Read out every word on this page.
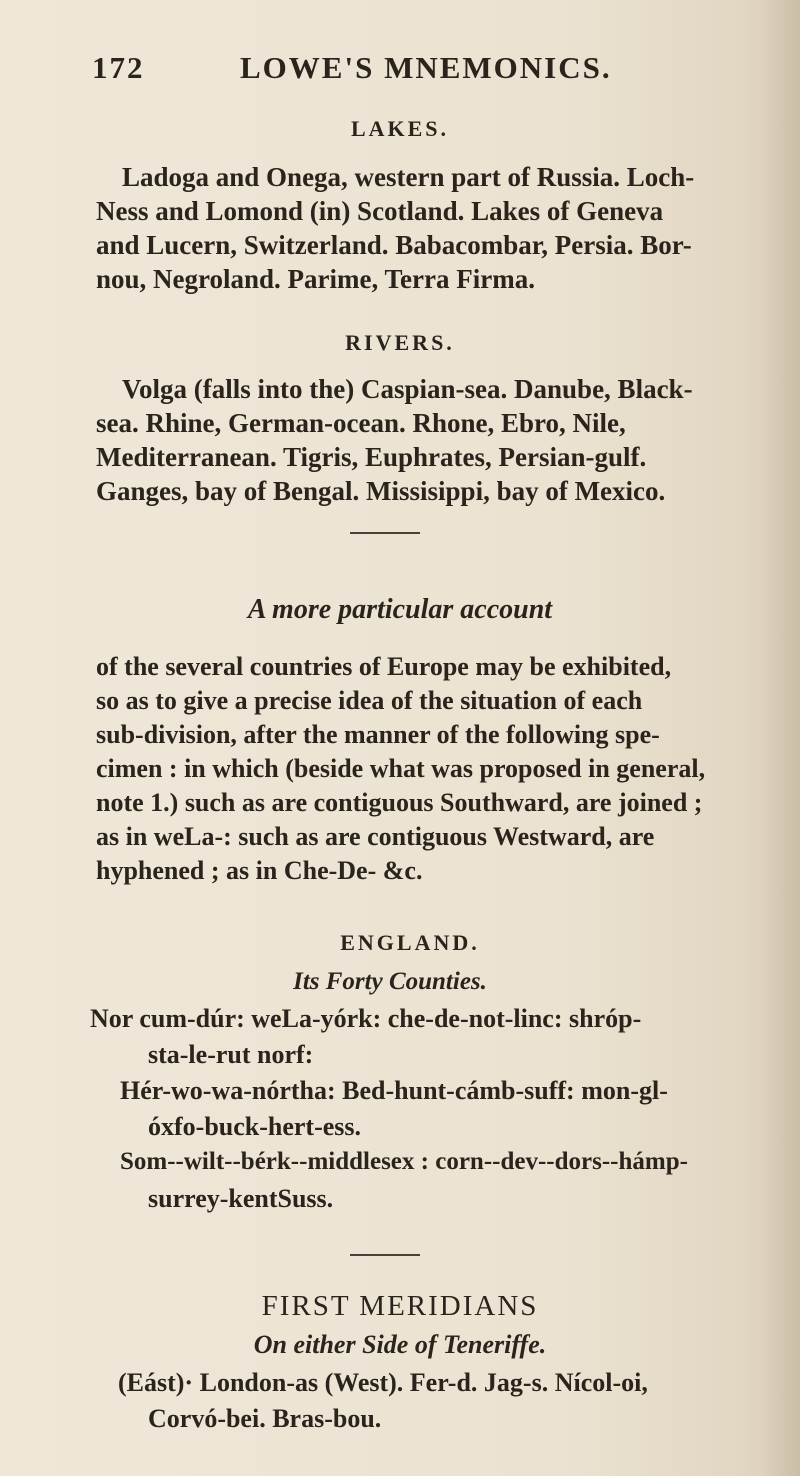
172	LOWE'S MNEMONICS.
LAKES.
Ladoga and Onega, western part of Russia. Loch-
Ness and Lomond (in) Scotland. Lakes of Geneva
and Lucern, Switzerland. Babacombar, Persia. Bor-
nou, Negroland. Parime, Terra Firma.
RIVERS.
Volga (falls into the) Caspian-sea. Danube, Black-
sea. Rhine, German-ocean. Rhone, Ebro, Nile,
Mediterranean. Tigris, Euphrates, Persian-gulf.
Ganges, bay of Bengal. Missisippi, bay of Mexico.
A more particular account
of the several countries of Europe may be exhibited,
so as to give a precise idea of the situation of each
sub-division, after the manner of the following spe-
cimen : in which (beside what was proposed in general,
note 1.) such as are contiguous Southward, are joined ;
as in weLa-: such as are contiguous Westward, are
hyphened ; as in Che-De- &c.
ENGLAND.
Its Forty Counties.
Nor cum-dúr: weLa-yórk: che-de-not-linc: shróp-
sta-le-rut norf:
Hér-wo-wa-nórtha: Bed-hunt-cámb-suff: mon-gl-
óxfo-buck-hert-ess.
Som--wilt--bérk--middlesex : corn--dev--dors--hámp-
surrey-kentSuss.
FIRST MERIDIANS
On either Side of Teneriffe.
(Eást)· London-as (West). Fer-d. Jag-s. Nícol-oi,
Corvó-bei. Bras-bou.
